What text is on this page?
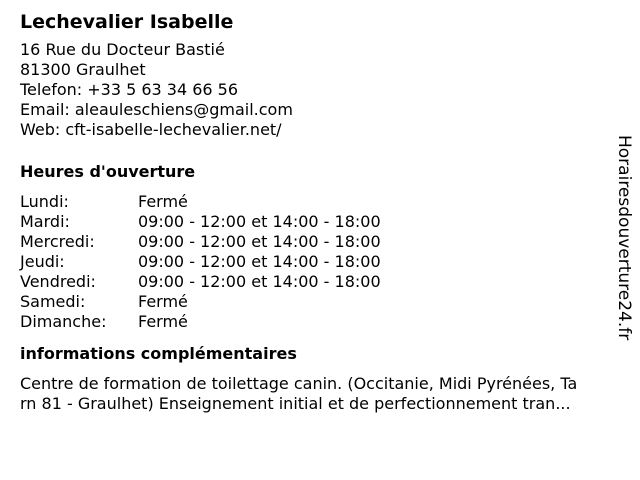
Lechevalier Isabelle
16 Rue du Docteur Bastié
81300 Graulhet
Telefon: +33 5 63 34 66 56
Email: aleauleschiens@gmail.com
Web: cft-isabelle-lechevalier.net/
Heures d'ouverture
Lundi:	Fermé
Mardi:	09:00 - 12:00 et 14:00 - 18:00
Mercredi:	09:00 - 12:00 et 14:00 - 18:00
Jeudi:	09:00 - 12:00 et 14:00 - 18:00
Vendredi:	09:00 - 12:00 et 14:00 - 18:00
Samedi:	Fermé
Dimanche:	Fermé
informations complémentaires
Centre de formation de toilettage canin. (Occitanie, Midi Pyrénées, Ta
rn 81 - Graulhet) Enseignement initial et de perfectionnement tran...
Horairesdouverture24.fr
